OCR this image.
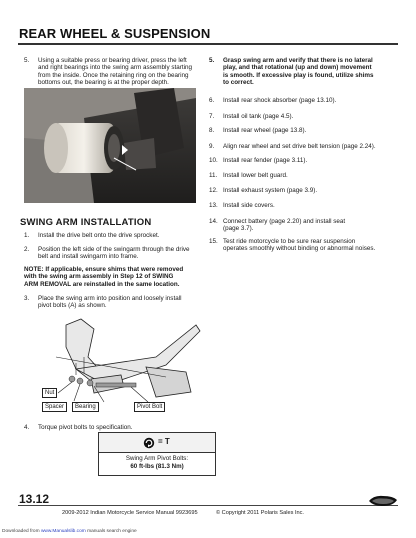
REAR WHEEL & SUSPENSION
5. Using a suitable press or bearing driver, press the left
and right bearings into the swing arm assembly starting
from the inside. Once the retaining ring on the bearing
bottoms out, the bearing is at the proper depth.
SWING ARM INSTALLATION
1. Install the drive belt onto the drive sprocket.
2. Position the left side of the swingarm through the drive
belt and install swingarm into frame.
NOTE: If applicable, ensure shims that were removed
with the swing arm assembly in Step 12 of SWING
ARM REMOVAL are reinstalled in the same location.
3. Place the swing arm into position and loosely install
pivot bolts (A) as shown.
Nut
Spacer	Bearing	Pivot Bolt
4. Torque pivot bolts to specification.
= T
Swing Arm Pivot Bolts:
60 ft-lbs (81.3 Nm)
5. Grasp swing arm and verify that there is no lateral
play, and that rotational (up and down) movement
is smooth. If excessive play is found, utilize shims
to correct.
6. Install rear shock absorber (page 13.10).
7. Install oil tank (page 4.5).
8. Install rear wheel (page 13.8).
9. Align rear wheel and set drive belt tension (page 2.24).
10. Install rear fender (page 3.11).
11. Install lower belt guard.
12. Install exhaust system (page 3.9).
13. Install side covers.
14. Connect battery (page 2.20) and install seat
(page 3.7).
15. Test ride motorcycle to be sure rear suspension
operates smoothly without binding or abnormal noises.
13.12
2009-2012 Indian Motorcycle Service Manual 9923695	© Copyright 2011 Polaris Sales Inc.
Downloaded from www.Manualslib.com manuals search engine
